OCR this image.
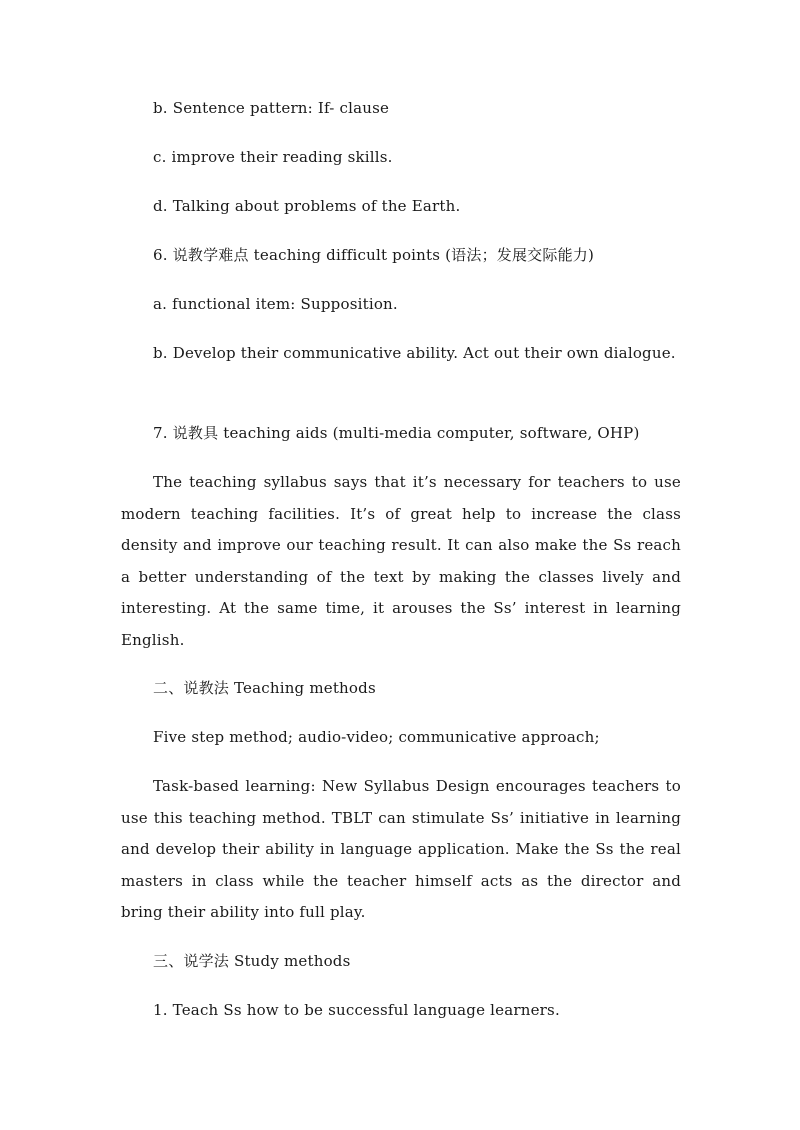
b. Sentence pattern: If- clause
c. improve their reading skills.
d. Talking about problems of the Earth.
6. 说教学难点 teaching difficult points (语法；发展交际能力)
a. functional item: Supposition.

b. Develop their communicative ability. Act out their own dialogue.

7. 说教具 teaching aids (multi-media computer, software, OHP)

The teaching syllabus says that it’s necessary for teachers to use modern teaching facilities. It’s of great help to increase the class density and improve our teaching result. It can also make the Ss reach a better understanding of the text by making the classes lively and interesting. At the same time, it arouses the Ss’ interest in learning English.

二、说教法 Teaching methods
Five step method; audio-video; communicative approach;

Task-based learning: New Syllabus Design encourages teachers to use this teaching method. TBLT can stimulate Ss’ initiative in learning and develop their ability in language application. Make the Ss the real masters in class while the teacher himself acts as the director and bring their ability into full play.

三、说学法 Study methods
1. Teach Ss how to be successful language learners.
